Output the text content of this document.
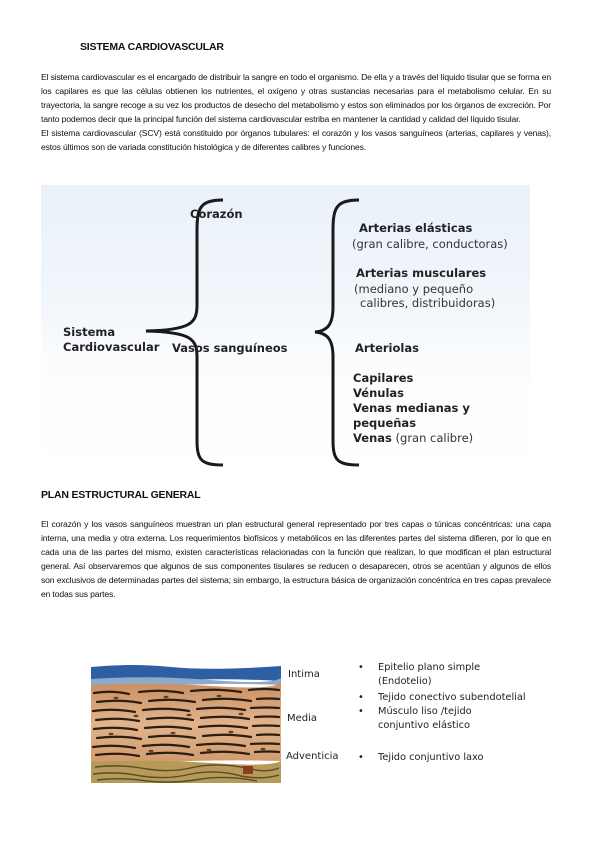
SISTEMA CARDIOVASCULAR

El sistema cardiovascular es el encargado de distribuir la sangre en todo el organismo. De ella y a través del líquido tisular que se forma en los capilares es que las células obtienen los nutrientes, el oxígeno y otras sustancias necesarias para el metabolismo celular. En su trayectoria, la sangre recoge a su vez los productos de desecho del metabolismo y estos son eliminados por los órganos de excreción. Por tanto podemos decir que la principal función del sistema cardiovascular estriba en mantener la cantidad y calidad del líquido tisular.

El sistema cardiovascular (SCV) está constituido por órganos tubulares: el corazón y los vasos sanguíneos (arterias, capilares y venas), estos últimos son de variada constitución histológica y de diferentes calibres y funciones.

Sistema
Cardiovascular
Corazón
Vasos sanguíneos
Arterias elásticas
(gran calibre, conductoras)
Arterias musculares
(mediano y pequeño
calibres, distribuidoras)
Arteriolas
Capilares
Vénulas
Venas medianas y
pequeñas
Venas (gran calibre)
PLAN ESTRUCTURAL GENERAL

El corazón y los vasos sanguíneos muestran un plan estructural general representado por tres capas o túnicas concéntricas: una capa interna, una media y otra externa. Los requerimientos biofísicos y metabólicos en las diferentes partes del sistema difieren, por lo que en cada una de las partes del mismo, existen características relacionadas con la función que realizan, lo que modifican el plan estructural general. Así observaremos que algunos de sus componentes tisulares se reducen o desaparecen, otros se acentúan y algunos de ellos son exclusivos de determinadas partes del sistema; sin embargo, la estructura básica de organización concéntrica en tres capas prevalece en todas sus partes.

Intima
Media
Adventicia
• Epitelio plano simple (Endotelio)
• Tejido conectivo subendotelial
• Músculo liso /tejido conjuntivo elástico
• Tejido conjuntivo laxo
